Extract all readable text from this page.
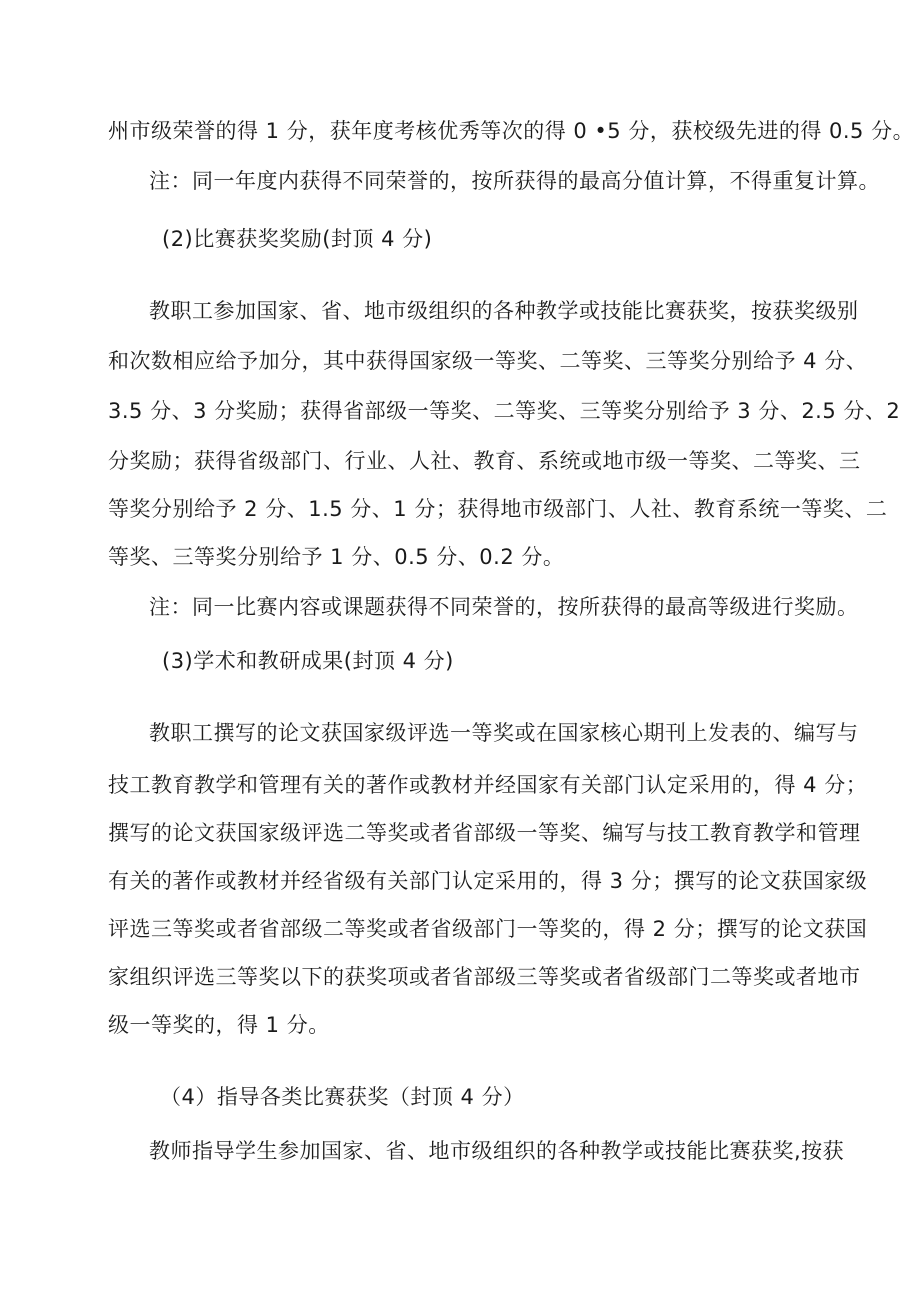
州市级荣誉的得 1 分，获年度考核优秀等次的得 0 •5 分，获校级先进的得 0.5 分。
注：同一年度内获得不同荣誉的，按所获得的最高分值计算，不得重复计算。
(2)比赛获奖奖励(封顶 4 分)
教职工参加国家、省、地市级组织的各种教学或技能比赛获奖，按获奖级别
和次数相应给予加分，其中获得国家级一等奖、二等奖、三等奖分别给予 4 分、
3.5 分、3 分奖励；获得省部级一等奖、二等奖、三等奖分别给予 3 分、2.5 分、2
分奖励；获得省级部门、行业、人社、教育、系统或地市级一等奖、二等奖、三
等奖分别给予 2 分、1.5 分、1 分；获得地市级部门、人社、教育系统一等奖、二
等奖、三等奖分别给予 1 分、0.5 分、0.2 分。
注：同一比赛内容或课题获得不同荣誉的，按所获得的最高等级进行奖励。
(3)学术和教研成果(封顶 4 分)
教职工撰写的论文获国家级评选一等奖或在国家核心期刊上发表的、编写与
技工教育教学和管理有关的著作或教材并经国家有关部门认定采用的，得 4 分；
撰写的论文获国家级评选二等奖或者省部级一等奖、编写与技工教育教学和管理
有关的著作或教材并经省级有关部门认定采用的，得 3 分；撰写的论文获国家级
评选三等奖或者省部级二等奖或者省级部门一等奖的，得 2 分；撰写的论文获国
家组织评选三等奖以下的获奖项或者省部级三等奖或者省级部门二等奖或者地市
级一等奖的，得 1 分。
（4）指导各类比赛获奖（封顶 4 分）
教师指导学生参加国家、省、地市级组织的各种教学或技能比赛获奖,按获
